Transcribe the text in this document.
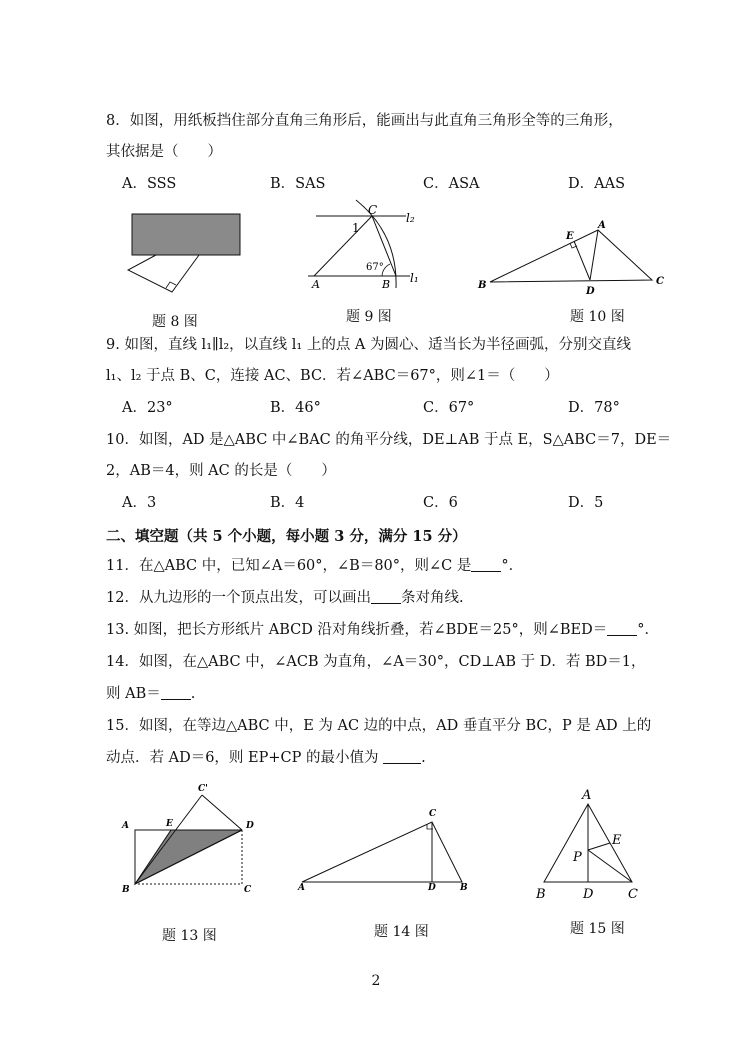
8．如图，用纸板挡住部分直角三角形后，能画出与此直角三角形全等的三角形，
其依据是（　　）
A．SSS	B．SAS	C．ASA	D．AAS
题 8 图
C
l₂
1
67°
A	B l₁
题 9 图
E
A
B
D
C
题 10 图
9. 如图，直线 l₁∥l₂，以直线 l₁ 上的点 A 为圆心、适当长为半径画弧，分别交直线
l₁、l₂ 于点 B、C，连接 AC、BC．若∠ABC＝67°，则∠1＝（　　）
A．23°	B．46°	C．67°	D．78°
10．如图，AD 是△ABC 中∠BAC 的角平分线，DE⊥AB 于点 E，S△ABC＝7，DE＝
2，AB＝4，则 AC 的长是（　　）
A．3	B．4	C．6	D．5
二、填空题（共 5 个小题，每小题 3 分，满分 15 分）
11．在△ABC 中，已知∠A＝60°，∠B＝80°，则∠C 是 °．
12．从九边形的一个顶点出发，可以画出 条对角线.
13. 如图，把长方形纸片 ABCD 沿对角线折叠，若∠BDE＝25°，则∠BED＝ °．
14．如图，在△ABC 中，∠ACB 为直角，∠A＝30°，CD⊥AB 于 D．若 BD＝1，
则 AB＝ .
15．如图，在等边△ABC 中，E 为 AC 边的中点，AD 垂直平分 BC，P 是 AD 上的
动点．若 AD＝6，则 EP+CP 的最小值为	.
C'
A	E	D
B	C
题 13 图
C
A	D	B
题 14 图
A
E
P
B	D	C
题 15 图
2
